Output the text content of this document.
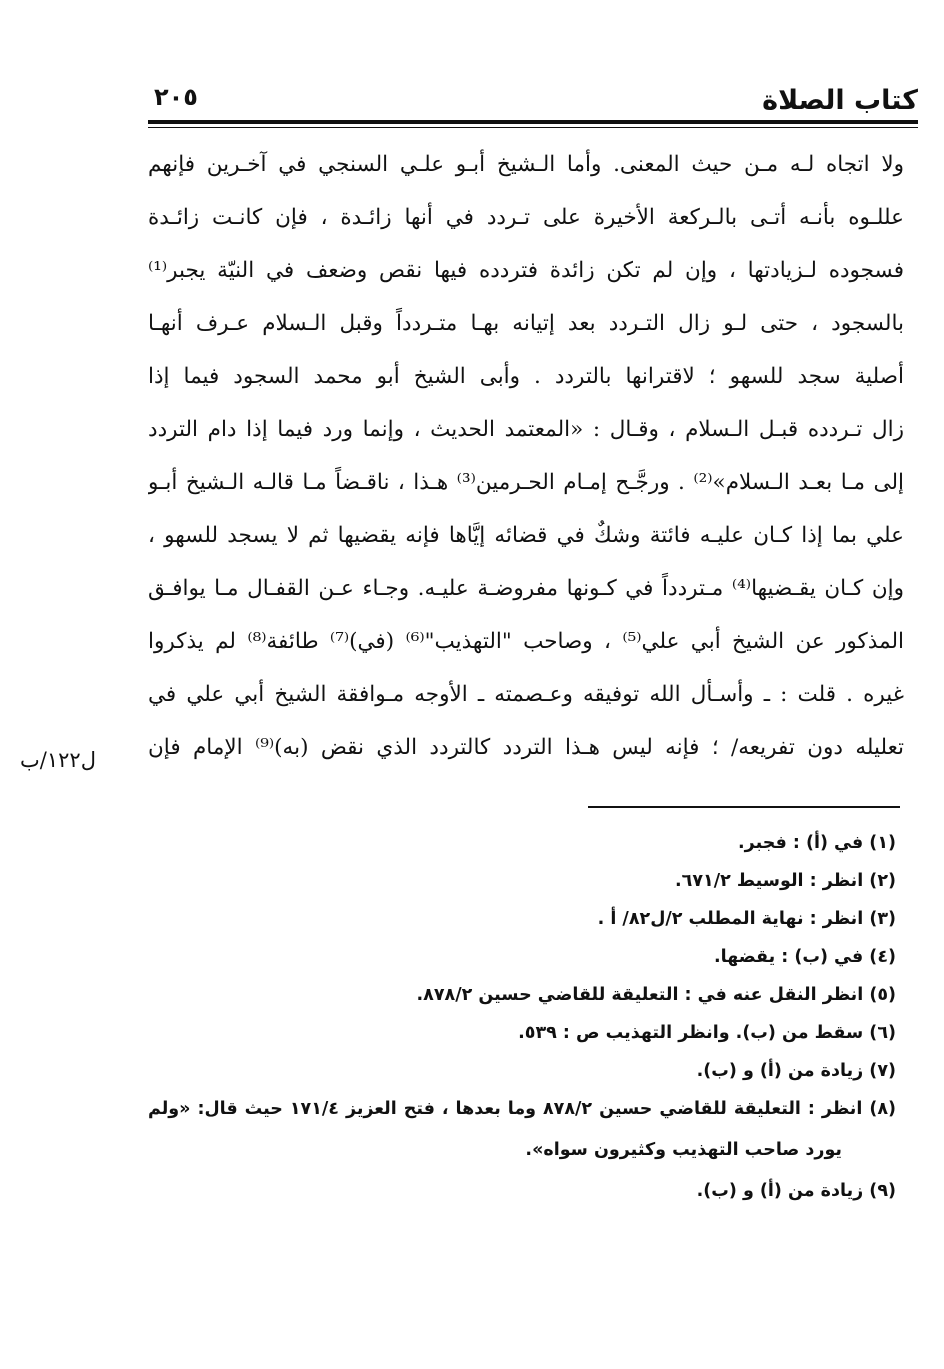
كتاب الصلاة
٢٠٥
ولا اتجاه لـه مـن حيث المعنى. وأما الـشيخ أبـو علـي السنجي في آخـرين فإنهم
عللـوه بأنـه أتـى بالـركعة الأخيرة على تـردد في أنها زائـدة ، فإن كانـت زائـدة
فسجوده لـزيادتها ، وإن لم تكن زائدة فتردده فيها نقص وضعف في النيّة يجبر⁽¹⁾
بالسجود ، حتى لـو زال التـردد بعد إتيانه بهـا متـردداً وقبل الـسلام عـرف أنهـا
أصلية سجد للسهو ؛ لاقترانها بالتردد . وأبى الشيخ أبو محمد السجود فيما إذا
زال تـردده قبـل الـسلام ، وقـال : «المعتمد الحديث ، وإنما ورد فيما إذا دام التردد
إلى مـا بعـد الـسلام»⁽²⁾ . ورجَّـح إمـام الحـرمين⁽³⁾ هـذا ، ناقـضاً مـا قالـه الـشيخ أبـو
علي بما إذا كـان عليـه فائتة وشكٌ في قضائه إيَّاها فإنه يقضيها ثم لا يسجد للسهو ،
وإن كـان يقـضيها⁽⁴⁾ مـتردداً في كـونها مفروضـة عليـه. وجـاء عـن القفـال مـا يوافـق
المذكور عن الشيخ أبي علي⁽⁵⁾ ، وصاحب "التهذيب"⁽⁶⁾ (في)⁽⁷⁾ طائفة⁽⁸⁾ لم يذكروا
غيره . قلت : ـ وأسـأل الله توفيقه وعـصمته ـ الأوجه مـوافقة الشيخ أبي علي في
تعليله دون تفريعه/ ؛ فإنه ليس هـذا التردد كالتردد الذي نقض (به)⁽⁹⁾ الإمام فإن
ل١٢٢/ب
(١) في (أ) : فجبر.
(٢) انظر : الوسيط ٦٧١/٢.
(٣) انظر : نهاية المطلب ٢/ل٨٢/ أ .
(٤) في (ب) : يقضها.
(٥) انظر النقل عنه في : التعليقة للقاضي حسين ٨٧٨/٢.
(٦) سقط من (ب). وانظر التهذيب ص : ٥٣٩.
(٧) زيادة من (أ) و (ب).
(٨) انظر : التعليقة للقاضي حسين ٨٧٨/٢ وما بعدها ، فتح العزيز ١٧١/٤ حيث قال: «ولم
يورد صاحب التهذيب وكثيرون سواه».
(٩) زيادة من (أ) و (ب).
